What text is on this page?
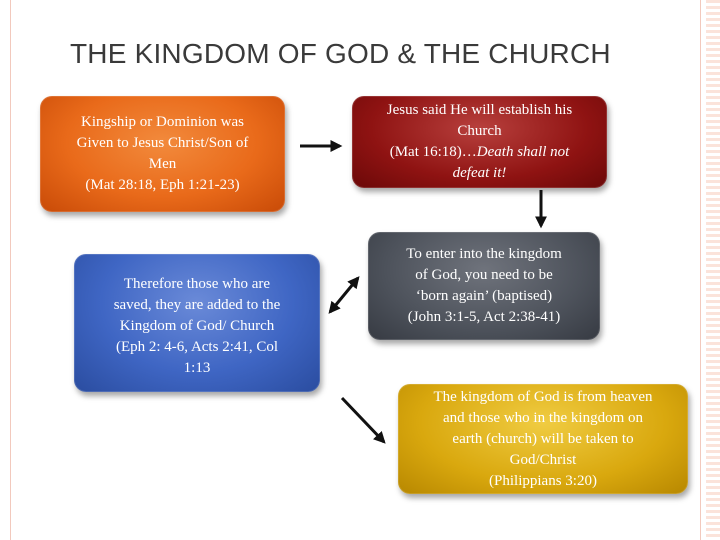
THE KINGDOM OF GOD & THE CHURCH

Kingship or Dominion was

Given to Jesus Christ/Son of

Men

(Mat 28:18, Eph 1:21-23)

Jesus said He will establish his

Church

(Mat 16:18)…Death shall not

defeat it!

Therefore those who are

saved, they are added to the

Kingdom of God/ Church

(Eph 2: 4-6, Acts 2:41, Col

1:13

To enter into the kingdom

of God, you need to be

‘born again’ (baptised)

(John 3:1-5, Act 2:38-41)

The kingdom of God is from heaven

and those who in the kingdom on

earth (church) will be taken to

God/Christ

(Philippians 3:20)
